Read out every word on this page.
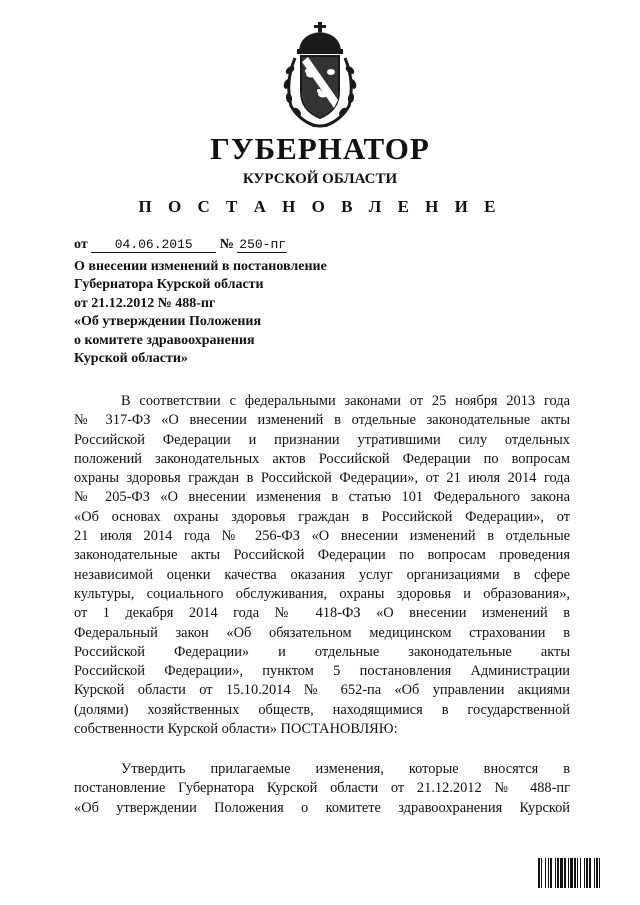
ГУБЕРНАТОР
КУРСКОЙ ОБЛАСТИ
П О С Т А Н О В Л Е Н И Е
от 04.06.2015 № 250-пг
О внесении изменений в постановление
Губернатора Курской области
от 21.12.2012 № 488-пг
«Об утверждении Положения
о комитете здравоохранения
Курской области»
В соответствии с федеральными законами от 25 ноября 2013 года
№ 317-ФЗ «О внесении изменений в отдельные законодательные акты
Российской Федерации и признании утратившими силу отдельных
положений законодательных актов Российской Федерации по вопросам
охраны здоровья граждан в Российской Федерации», от 21 июля 2014 года
№ 205-ФЗ «О внесении изменения в статью 101 Федерального закона
«Об основах охраны здоровья граждан в Российской Федерации», от
21 июля 2014 года № 256-ФЗ «О внесении изменений в отдельные
законодательные акты Российской Федерации по вопросам проведения
независимой оценки качества оказания услуг организациями в сфере
культуры, социального обслуживания, охраны здоровья и образования»,
от 1 декабря 2014 года № 418-ФЗ «О внесении изменений в
Федеральный закон «Об обязательном медицинском страховании в
Российской Федерации» и отдельные законодательные акты
Российской Федерации», пунктом 5 постановления Администрации
Курской области от 15.10.2014 № 652-па «Об управлении акциями
(долями) хозяйственных обществ, находящимися в государственной
собственности Курской области» ПОСТАНОВЛЯЮ:
Утвердить прилагаемые изменения, которые вносятся в
постановление Губернатора Курской области от 21.12.2012 № 488-пг
«Об утверждении Положения о комитете здравоохранения Курской
